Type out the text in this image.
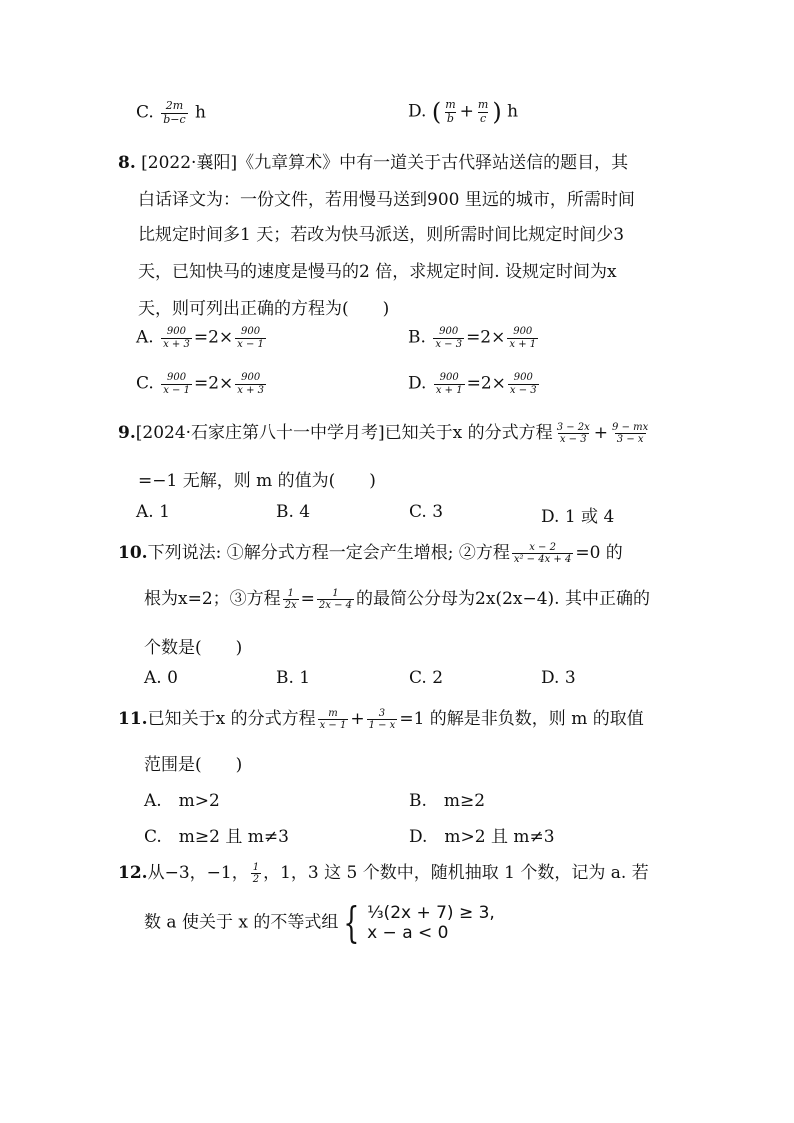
C. $\frac{2m}{b-c}$ h	D. ( $\frac{m}{b} + \frac{m}{c}$ ) h
8. [2022·襄阳]《九章算术》中有一道关于古代驿站送信的题目，其
白话译文为：一份文件，若用慢马送到900 里远的城市，所需时间
比规定时间多1 天；若改为快马派送，则所需时间比规定时间少3
天，已知快马的速度是慢马的2 倍，求规定时间. 设规定时间为x
天，则可列出正确的方程为(　　)
A. $\frac{900}{x + 3} =2\times \frac{900}{x - 1}$	B. $\frac{900}{x - 3} =2\times \frac{900}{x + 1}$
C. $\frac{900}{x - 1} =2\times \frac{900}{x + 3}$	D. $\frac{900}{x + 1} =2\times \frac{900}{x - 3}$
9.[2024·石家庄第八十一中学月考]已知关于x 的分式方程 $\frac{3 - 2x}{x - 3} + \frac{9 - mx}{3 - x}$
=−1 无解，则 m 的值为(　　)
A. 1	B. 4	C. 3	D. 1 或 4
10.下列说法: ①解分式方程一定会产生增根; ②方程 $\frac{x - 2}{\text{x² − 4x + 4}} =0$ 的
根为x=2；③方程 $\frac{1}{2x} = \frac{1}{2x - 4}$ 的最简公分母为2x(2x−4). 其中正确的
个数是(　　)
A. 0	B. 1	C. 2	D. 3
11.已知关于x 的分式方程 $\frac{m}{x - 1} + \frac{3}{1 - x} =1$ 的解是非负数，则 m 的取值
范围是(　　)
A.　m>2	B.　m≥2
C.　m≥2 且 m≠3	D.　m>2 且 m≠3
12.从−3，−1， $\frac{1}{2}$ ，1，3 这 5 个数中，随机抽取 1 个数，记为 a. 若
数 a 使关于 x 的不等式组 { ⅓(2x + 7) ≥ 3,
x − a < 0
